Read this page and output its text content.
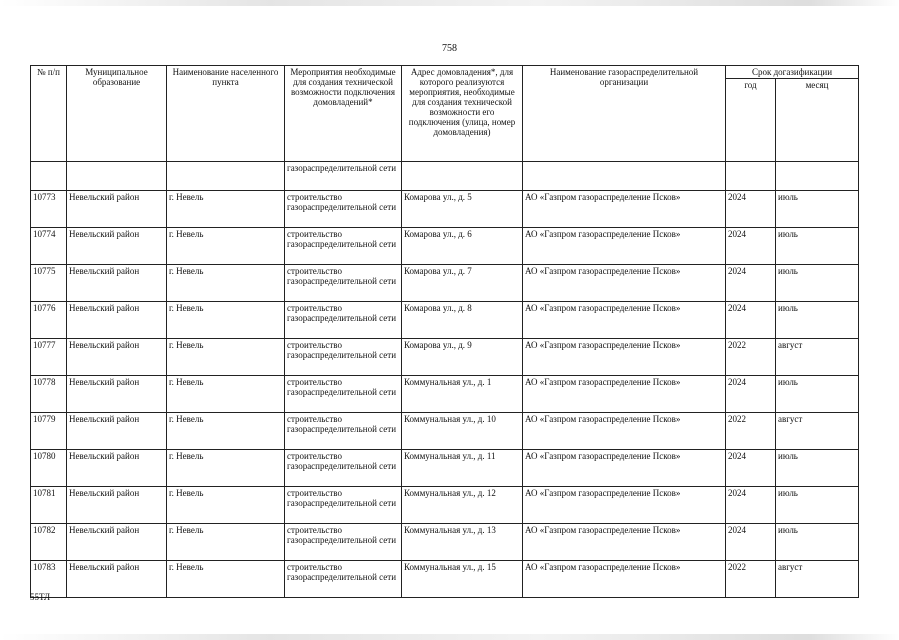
758
№ п/п	Муниципальное образование	Наименование населенного пункта	Мероприятия необходимые для создания технической возможности подключения домовладений*	Адрес домовладения*, для которого реализуются мероприятия, необходимые для создания технической возможности его подключения (улица, номер домовладения)	Наименование газораспределительной организации	Срок догазификации	
						год	месяц
			газораспределительной сети				
10773	Невельский район	г. Невель	строительство газораспределительной сети	Комарова ул., д. 5	АО «Газпром газораспределение Псков»	2024	июль
10774	Невельский район	г. Невель	строительство газораспределительной сети	Комарова ул., д. 6	АО «Газпром газораспределение Псков»	2024	июль
10775	Невельский район	г. Невель	строительство газораспределительной сети	Комарова ул., д. 7	АО «Газпром газораспределение Псков»	2024	июль
10776	Невельский район	г. Невель	строительство газораспределительной сети	Комарова ул., д. 8	АО «Газпром газораспределение Псков»	2024	июль
10777	Невельский район	г. Невель	строительство газораспределительной сети	Комарова ул., д. 9	АО «Газпром газораспределение Псков»	2022	август
10778	Невельский район	г. Невель	строительство газораспределительной сети	Коммунальная ул., д. 1	АО «Газпром газораспределение Псков»	2024	июль
10779	Невельский район	г. Невель	строительство газораспределительной сети	Коммунальная ул., д. 10	АО «Газпром газораспределение Псков»	2022	август
10780	Невельский район	г. Невель	строительство газораспределительной сети	Коммунальная ул., д. 11	АО «Газпром газораспределение Псков»	2024	июль
10781	Невельский район	г. Невель	строительство газораспределительной сети	Коммунальная ул., д. 12	АО «Газпром газораспределение Псков»	2024	июль
10782	Невельский район	г. Невель	строительство газораспределительной сети	Коммунальная ул., д. 13	АО «Газпром газораспределение Псков»	2024	июль
10783	Невельский район	г. Невель	строительство газораспределительной сети	Коммунальная ул., д. 15	АО «Газпром газораспределение Псков»	2022	август
55ТЛ
